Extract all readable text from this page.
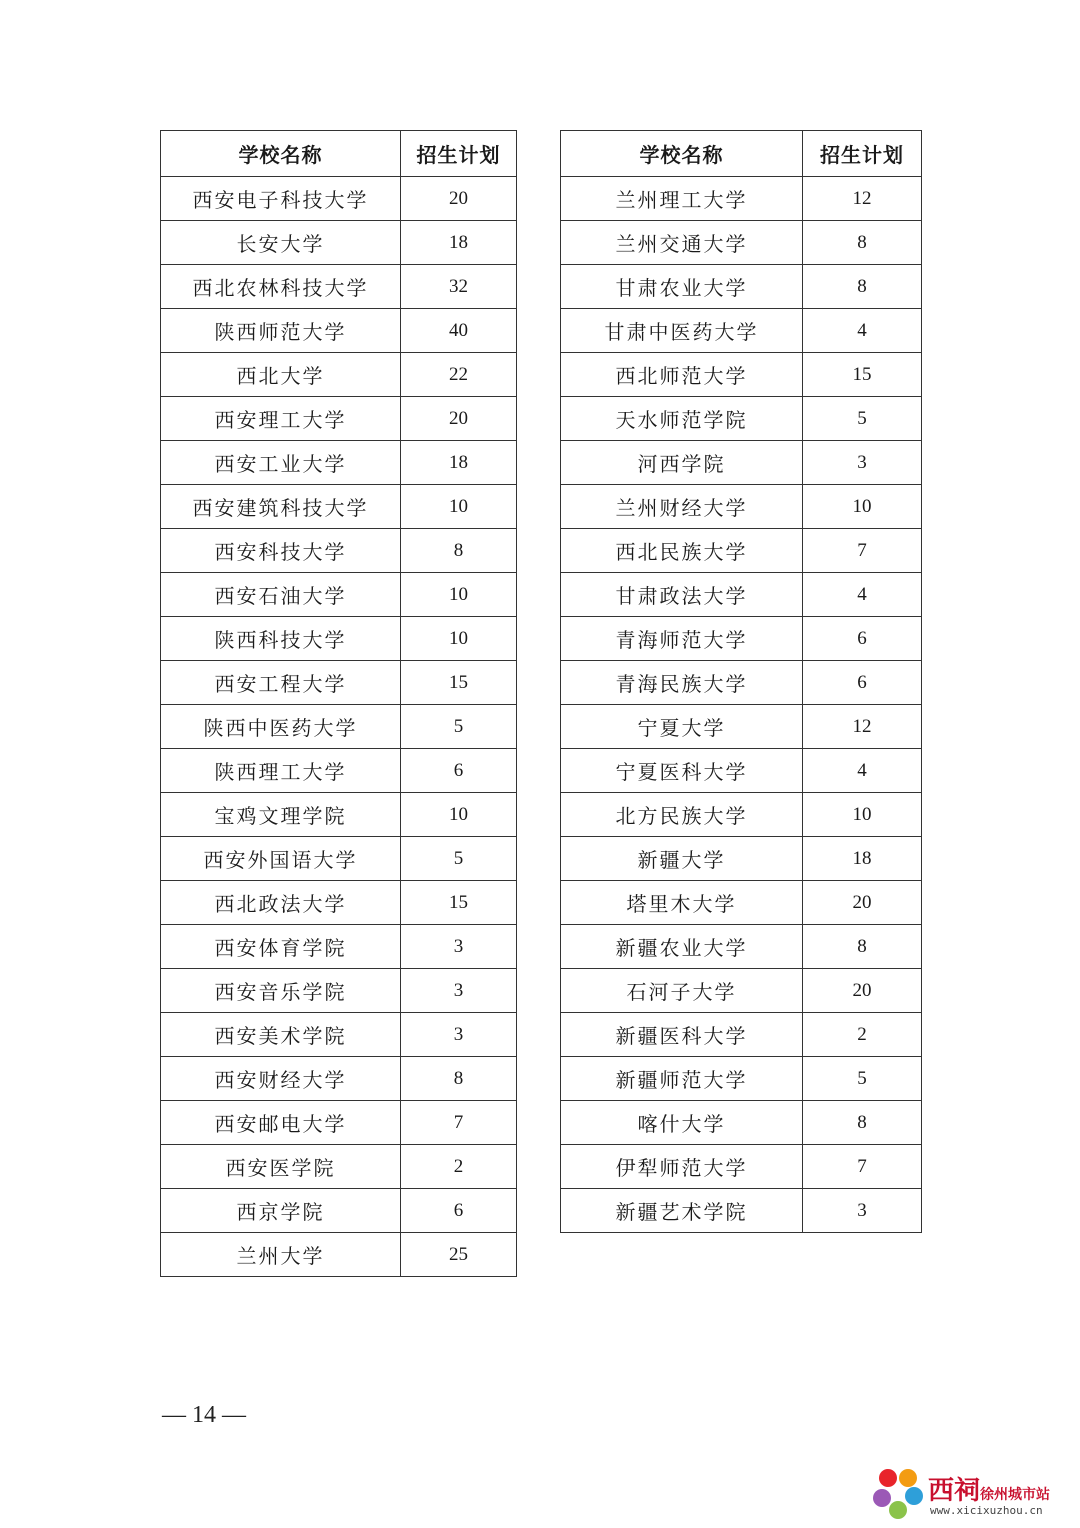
学校名称	招生计划
西安电子科技大学	20
长安大学	18
西北农林科技大学	32
陕西师范大学	40
西北大学	22
西安理工大学	20
西安工业大学	18
西安建筑科技大学	10
西安科技大学	8
西安石油大学	10
陕西科技大学	10
西安工程大学	15
陕西中医药大学	5
陕西理工大学	6
宝鸡文理学院	10
西安外国语大学	5
西北政法大学	15
西安体育学院	3
西安音乐学院	3
西安美术学院	3
西安财经大学	8
西安邮电大学	7
西安医学院	2
西京学院	6
兰州大学	25
学校名称	招生计划
兰州理工大学	12
兰州交通大学	8
甘肃农业大学	8
甘肃中医药大学	4
西北师范大学	15
天水师范学院	5
河西学院	3
兰州财经大学	10
西北民族大学	7
甘肃政法大学	4
青海师范大学	6
青海民族大学	6
宁夏大学	12
宁夏医科大学	4
北方民族大学	10
新疆大学	18
塔里木大学	20
新疆农业大学	8
石河子大学	20
新疆医科大学	2
新疆师范大学	5
喀什大学	8
伊犁师范大学	7
新疆艺术学院	3
— 14 —
西祠徐州城市站
www.xicixuzhou.cn
